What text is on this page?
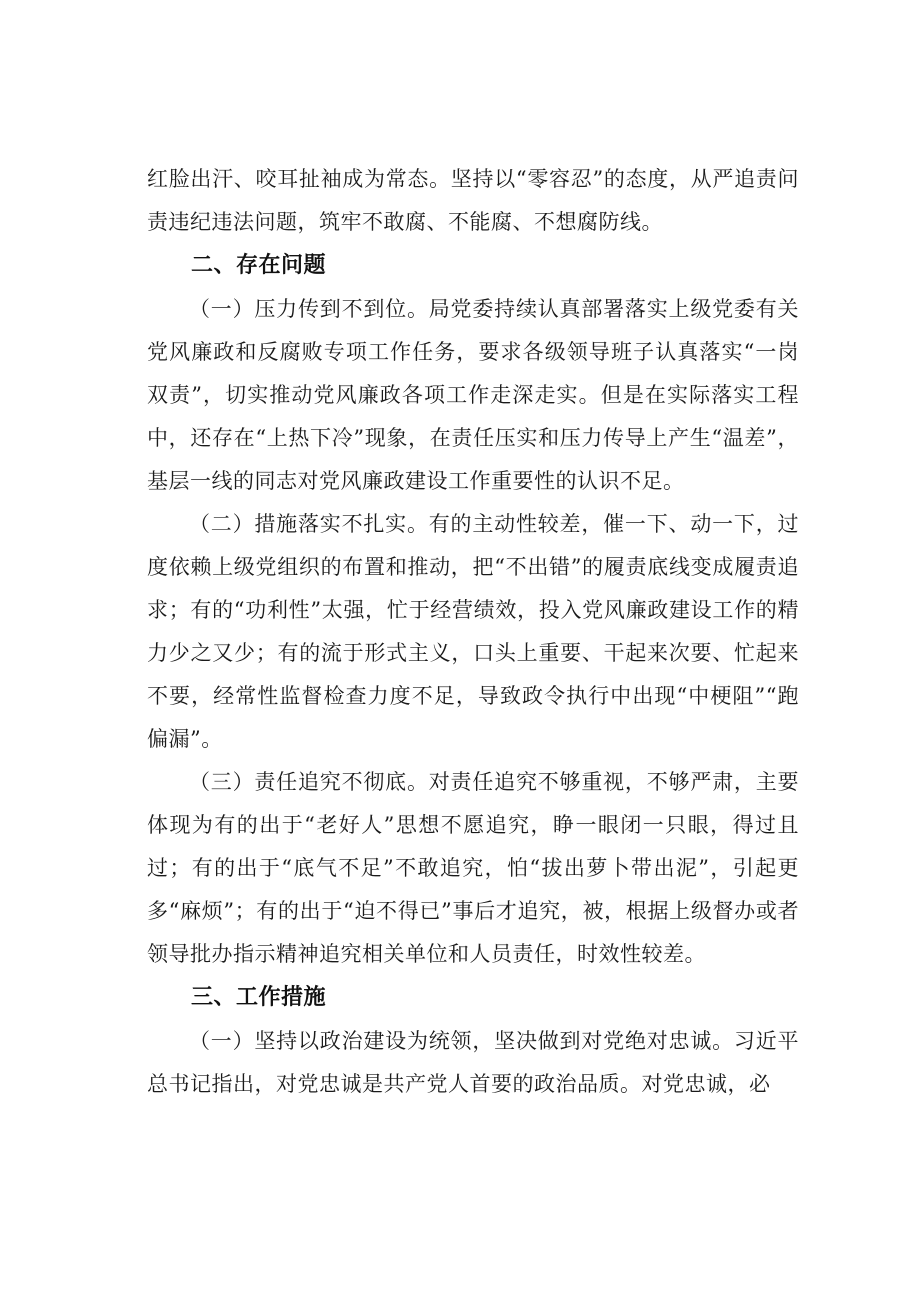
红脸出汗、咬耳扯袖成为常态。坚持以“零容忍”的态度，从严追责问责违纪违法问题，筑牢不敢腐、不能腐、不想腐防线。

二、存在问题

（一）压力传到不到位。局党委持续认真部署落实上级党委有关党风廉政和反腐败专项工作任务，要求各级领导班子认真落实“一岗双责”，切实推动党风廉政各项工作走深走实。但是在实际落实工程中，还存在“上热下冷”现象，在责任压实和压力传导上产生“温差”，基层一线的同志对党风廉政建设工作重要性的认识不足。

（二）措施落实不扎实。有的主动性较差，催一下、动一下，过度依赖上级党组织的布置和推动，把“不出错”的履责底线变成履责追求；有的“功利性”太强，忙于经营绩效，投入党风廉政建设工作的精力少之又少；有的流于形式主义，口头上重要、干起来次要、忙起来不要，经常性监督检查力度不足，导致政令执行中出现“中梗阻”“跑偏漏”。

（三）责任追究不彻底。对责任追究不够重视，不够严肃，主要体现为有的出于“老好人”思想不愿追究，睁一眼闭一只眼，得过且过；有的出于“底气不足”不敢追究，怕“拔出萝卜带出泥”，引起更多“麻烦”；有的出于“迫不得已”事后才追究，被，根据上级督办或者领导批办指示精神追究相关单位和人员责任，时效性较差。

三、工作措施

（一）坚持以政治建设为统领，坚决做到对党绝对忠诚。习近平总书记指出，对党忠诚是共产党人首要的政治品质。对党忠诚，必
